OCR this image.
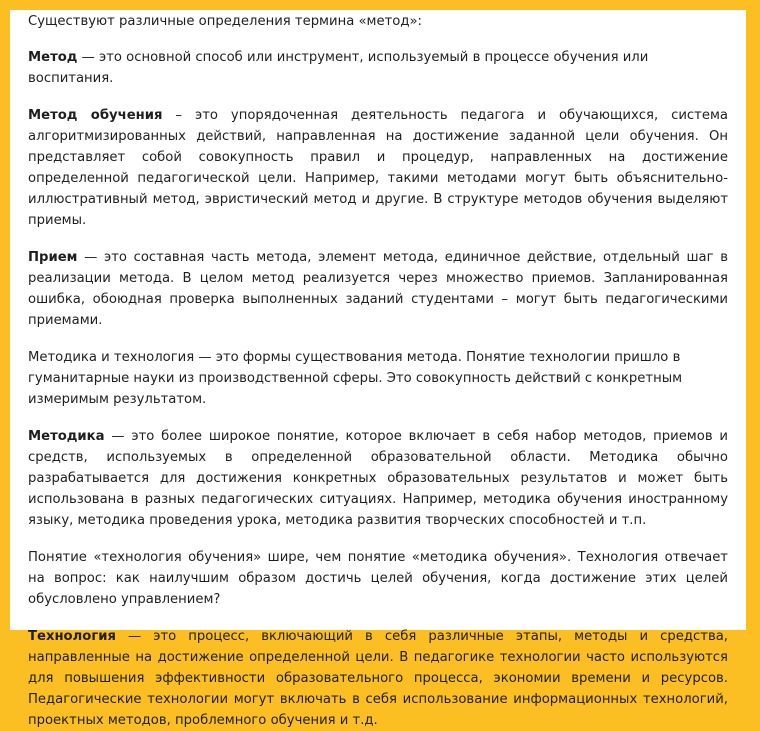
Существуют различные определения термина «метод»:

Метод — это основной способ или инструмент, используемый в процессе обучения или воспитания.

Метод обучения – это упорядоченная деятельность педагога и обучающихся, система алгоритмизированных действий, направленная на достижение заданной цели обучения. Он представляет собой совокупность правил и процедур, направленных на достижение определенной педагогической цели. Например, такими методами могут быть объяснительно-иллюстративный метод, эвристический метод и другие. В структуре методов обучения выделяют приемы.

Прием — это составная часть метода, элемент метода, единичное действие, отдельный шаг в реализации метода. В целом метод реализуется через множество приемов. Запланированная ошибка, обоюдная проверка выполненных заданий студентами – могут быть педагогическими приемами.

Методика и технология — это формы существования метода. Понятие технологии пришло в гуманитарные науки из производственной сферы. Это совокупность действий с конкретным измеримым результатом.

Методика — это более широкое понятие, которое включает в себя набор методов, приемов и средств, используемых в определенной образовательной области. Методика обычно разрабатывается для достижения конкретных образовательных результатов и может быть использована в разных педагогических ситуациях. Например, методика обучения иностранному языку, методика проведения урока, методика развития творческих способностей и т.п.

Понятие «технология обучения» шире, чем понятие «методика обучения». Технология отвечает на вопрос: как наилучшим образом достичь целей обучения, когда достижение этих целей обусловлено управлением?

Технология — это процесс, включающий в себя различные этапы, методы и средства, направленные на достижение определенной цели. В педагогике технологии часто используются для повышения эффективности образовательного процесса, экономии времени и ресурсов. Педагогические технологии могут включать в себя использование информационных технологий, проектных методов, проблемного обучения и т.д.
